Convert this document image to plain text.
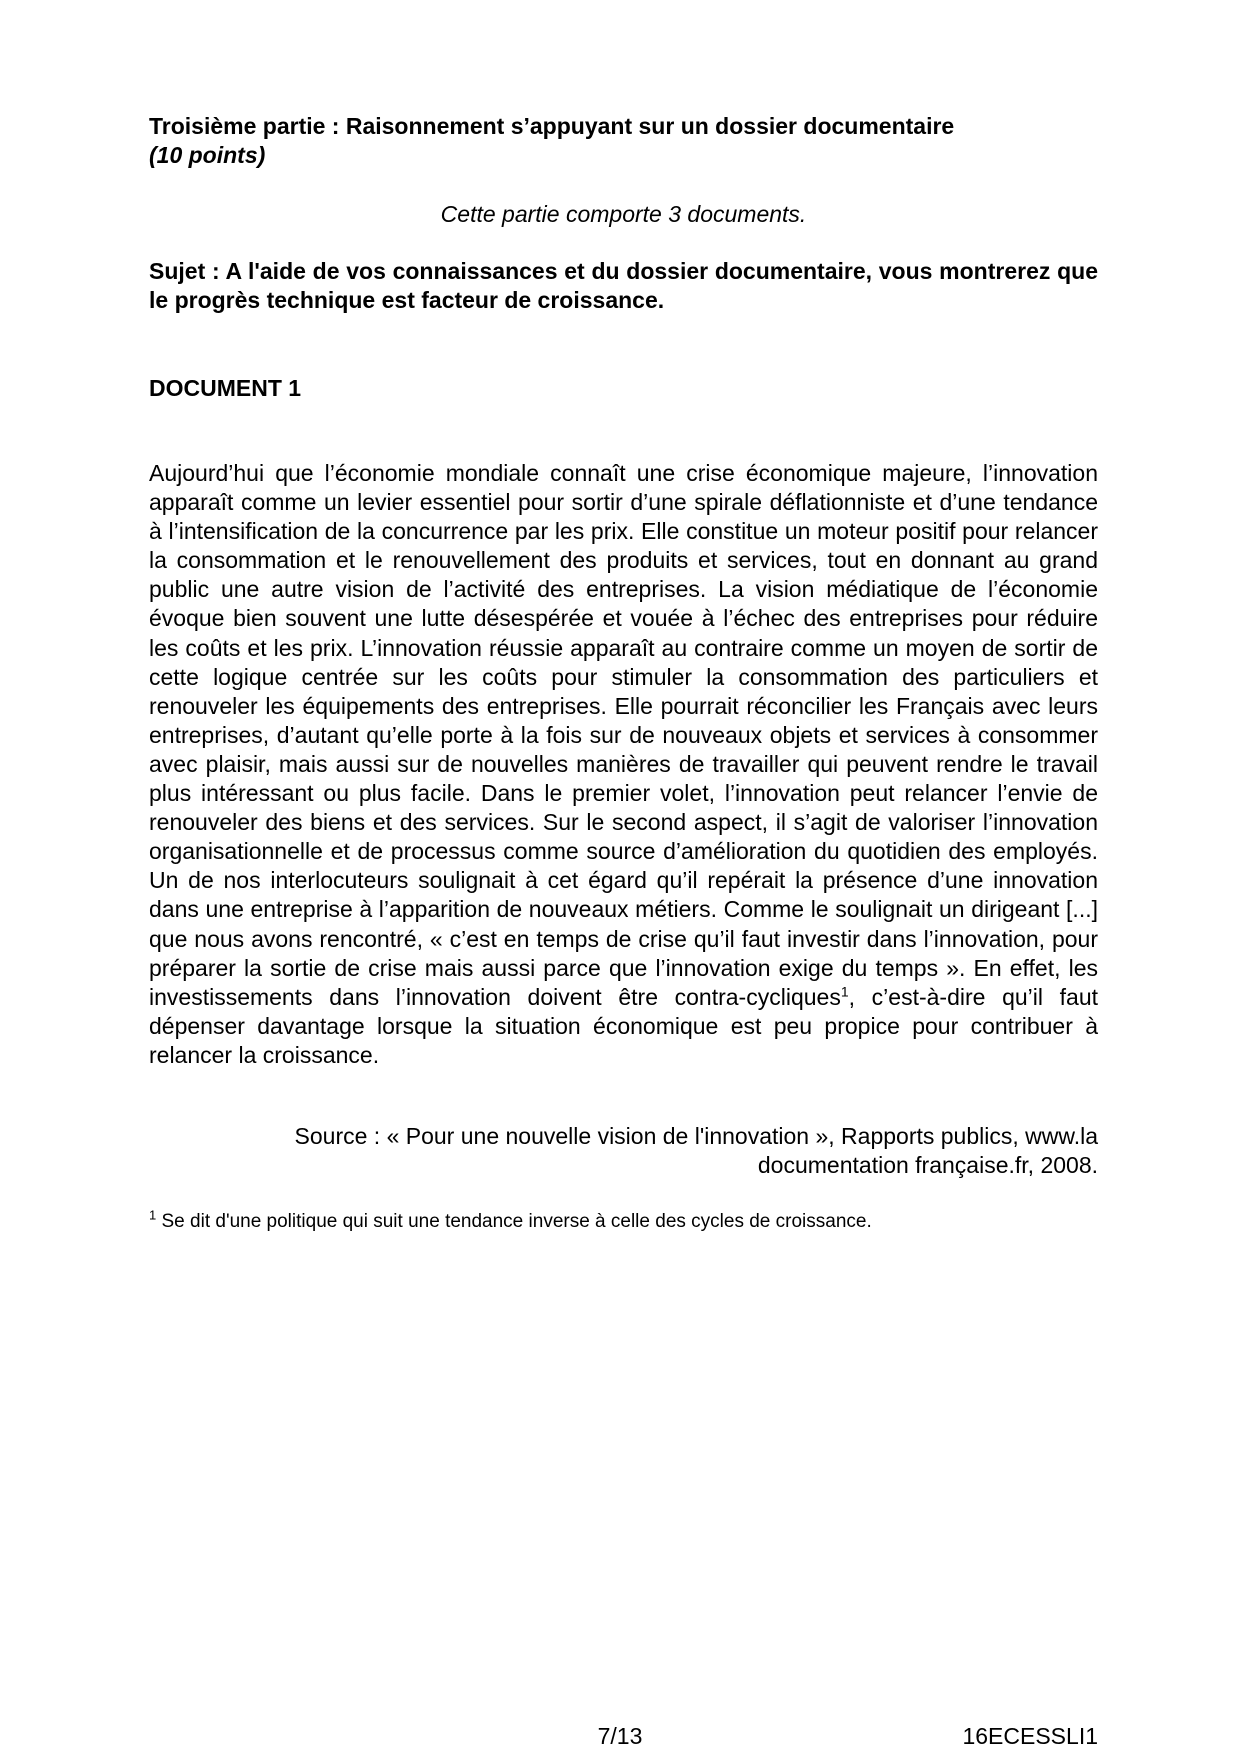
Troisième partie : Raisonnement s’appuyant sur un dossier documentaire
(10 points)

Cette partie comporte 3 documents.

Sujet : A l'aide de vos connaissances et du dossier documentaire, vous montrerez que le progrès technique est facteur de croissance.

DOCUMENT 1

Aujourd’hui que l’économie mondiale connaît une crise économique majeure, l’innovation apparaît comme un levier essentiel pour sortir d’une spirale déflationniste et d’une tendance à l’intensification de la concurrence par les prix. Elle constitue un moteur positif pour relancer la consommation et le renouvellement des produits et services, tout en donnant au grand public une autre vision de l’activité des entreprises. La vision médiatique de l’économie évoque bien souvent une lutte désespérée et vouée à l’échec des entreprises pour réduire les coûts et les prix. L’innovation réussie apparaît au contraire comme un moyen de sortir de cette logique centrée sur les coûts pour stimuler la consommation des particuliers et renouveler les équipements des entreprises. Elle pourrait réconcilier les Français avec leurs entreprises, d’autant qu’elle porte à la fois sur de nouveaux objets et services à consommer avec plaisir, mais aussi sur de nouvelles manières de travailler qui peuvent rendre le travail plus intéressant ou plus facile. Dans le premier volet, l’innovation peut relancer l’envie de renouveler des biens et des services. Sur le second aspect, il s’agit de valoriser l’innovation organisationnelle et de processus comme source d’amélioration du quotidien des employés. Un de nos interlocuteurs soulignait à cet égard qu’il repérait la présence d’une innovation dans une entreprise à l’apparition de nouveaux métiers. Comme le soulignait un dirigeant [...] que nous avons rencontré, « c’est en temps de crise qu’il faut investir dans l’innovation, pour préparer la sortie de crise mais aussi parce que l’innovation exige du temps ». En effet, les investissements dans l’innovation doivent être contra-cycliques$^1$, c’est-à-dire qu’il faut dépenser davantage lorsque la situation économique est peu propice pour contribuer à relancer la croissance.

Source : « Pour une nouvelle vision de l'innovation », Rapports publics, www.la
documentation française.fr, 2008.

$^1$ Se dit d'une politique qui suit une tendance inverse à celle des cycles de croissance.

7/13	16ECESSLI1
